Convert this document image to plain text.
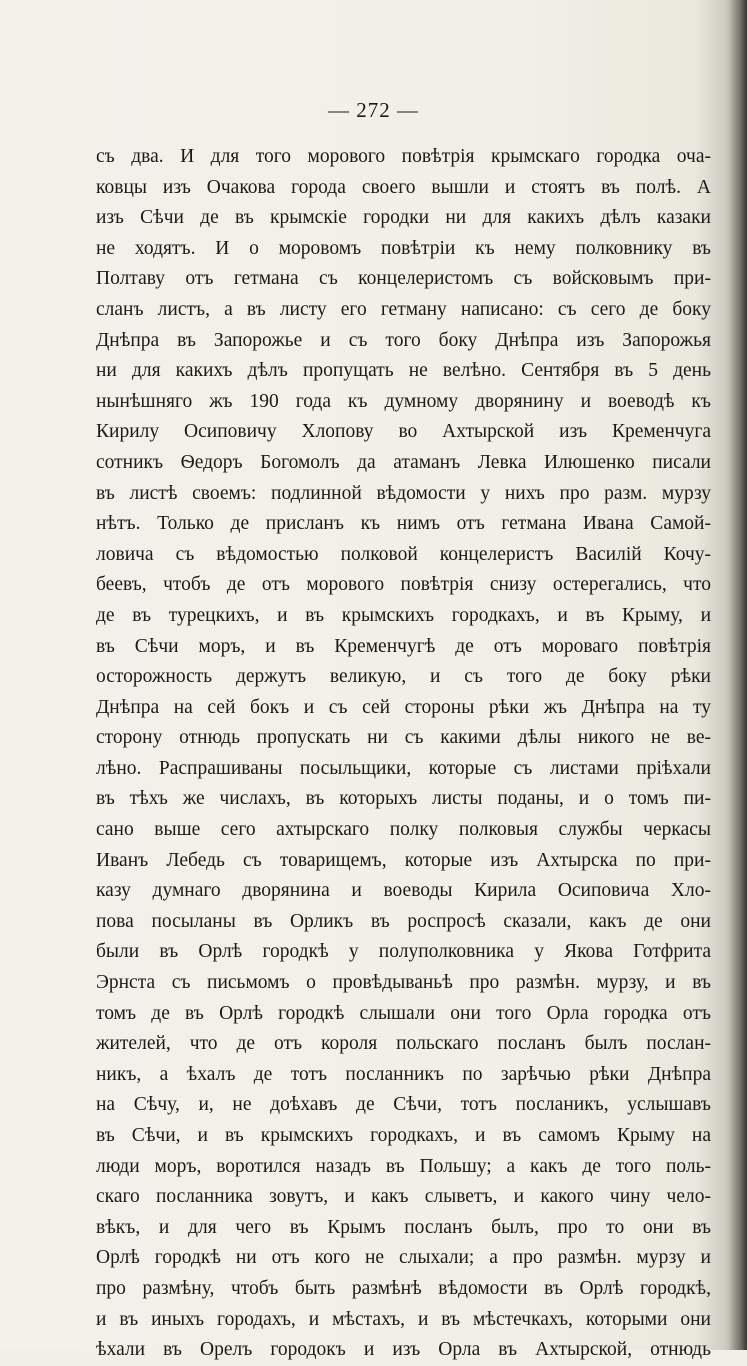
— 272 —
съ два. И для того морового повѣтрія крымскагo городка оча-
ковцы изъ Очакова города своего вышли и стоятъ въ полѣ. А
изъ Сѣчи де въ крымскіе городки ни для какихъ дѣлъ казаки
не ходятъ. И о моровомъ повѣтріи къ нему полковнику въ
Полтаву отъ гетмана съ концелеристомъ съ войсковымъ при-
сланъ листъ, а въ листу его гетману написано: съ сего де боку
Днѣпра въ Запорожье и съ того боку Днѣпра изъ Запорожья
ни для какихъ дѣлъ пропущать не велѣно. Сентября въ 5 день
нынѣшняго жъ 190 года къ думному дворянину и воеводѣ къ
Кирилу Осиповичу Хлопову во Ахтырской изъ Кременчуга
сотникъ Ѳедоръ Богомолъ да атаманъ Левка Илюшенко писали
въ листѣ своемъ: подлинной вѣдомости у нихъ про разм. мурзу
нѣтъ. Только де присланъ къ нимъ отъ гетмана Ивана Самой-
ловича съ вѣдомостью полковой концелеристъ Василій Кочу-
беевъ, чтобъ де отъ морового повѣтрія снизу остерегались, что
де въ турецкихъ, и въ крымскихъ городкахъ, и въ Крыму, и
въ Сѣчи моръ, и въ Кременчугѣ де отъ мороваго повѣтрія
осторожность держутъ великую, и съ того де боку рѣки
Днѣпра на сей бокъ и съ сей стороны рѣки жъ Днѣпра на ту
сторону отнюдь пропускать ни съ какими дѣлы никого не ве-
лѣно. Распрашиваны посыльщики, которые съ листами пріѣхали
въ тѣхъ же числахъ, въ которыхъ листы поданы, и о томъ пи-
сано выше сего ахтырскаго полку полковыя службы черкасы
Иванъ Лебедь съ товарищемъ, которые изъ Ахтырска по при-
казу думнаго дворянина и воеводы Кирила Осиповича Хло-
пова посыланы въ Орликъ въ роспросѣ сказали, какъ де они
были въ Орлѣ городкѣ у полуполковника у Якова Готфрита
Эрнста съ письмомъ о провѣдываньѣ про размѣн. мурзу, и въ
томъ де въ Орлѣ городкѣ слышали они того Орла городка отъ
жителей, что де отъ короля польскаго посланъ былъ послан-
никъ, а ѣхалъ де тотъ посланникъ по зарѣчью рѣки Днѣпра
на Сѣчу, и, не доѣхавъ де Сѣчи, тотъ посланикъ, услышавъ
въ Сѣчи, и въ крымскихъ городкахъ, и въ самомъ Крыму на
люди моръ, воротился назадъ въ Польшу; а какъ де того поль-
скаго посланника зовутъ, и какъ слыветъ, и какого чину чело-
вѣкъ, и для чего въ Крымъ посланъ былъ, про то они въ
Орлѣ городкѣ ни отъ кого не слыхали; а про размѣн. мурзу и
про размѣну, чтобъ быть размѣнѣ вѣдомости въ Орлѣ городкѣ,
и въ иныхъ городахъ, и мѣстахъ, и въ мѣстечкахъ, которыми они
ѣхали въ Орелъ городокъ и изъ Орла въ Ахтырской, отнюдь
